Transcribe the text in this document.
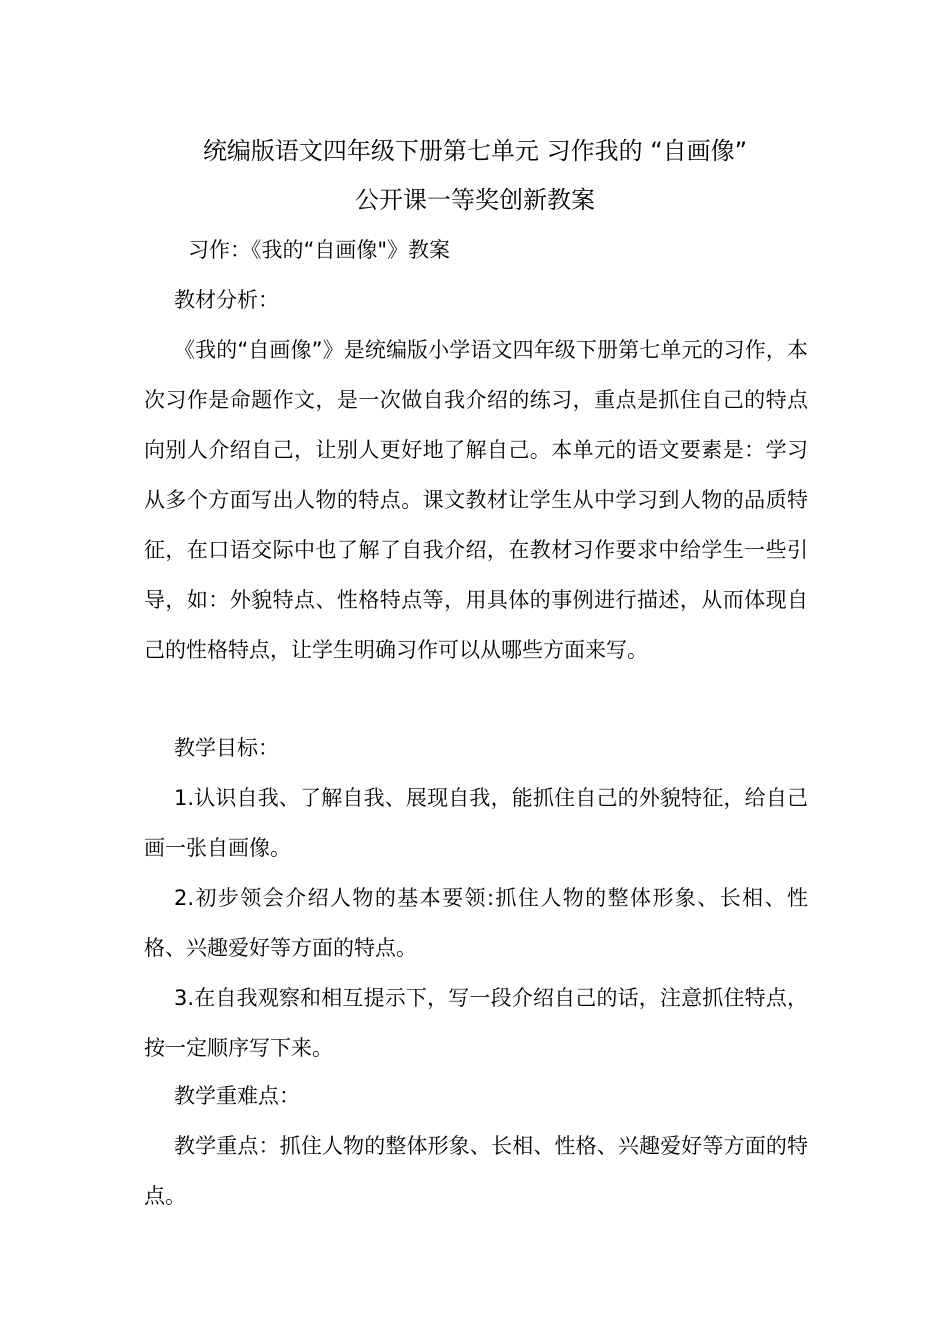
统编版语文四年级下册第七单元 习作我的 “自画像”
公开课一等奖创新教案

习作：《我的“自画像"》教案

教材分析：

《我的“自画像”》是统编版小学语文四年级下册第七单元的习作，本次习作是命题作文，是一次做自我介绍的练习，重点是抓住自己的特点向别人介绍自己，让别人更好地了解自己。本单元的语文要素是：学习从多个方面写出人物的特点。课文教材让学生从中学习到人物的品质特征，在口语交际中也了解了自我介绍，在教材习作要求中给学生一些引导，如：外貌特点、性格特点等，用具体的事例进行描述，从而体现自己的性格特点，让学生明确习作可以从哪些方面来写。

教学目标：

1.认识自我、了解自我、展现自我，能抓住自己的外貌特征，给自己画一张自画像。

2.初步领会介绍人物的基本要领:抓住人物的整体形象、长相、性格、兴趣爱好等方面的特点。

3.在自我观察和相互提示下，写一段介绍自己的话，注意抓住特点，按一定顺序写下来。

教学重难点：

教学重点：抓住人物的整体形象、长相、性格、兴趣爱好等方面的特点。
